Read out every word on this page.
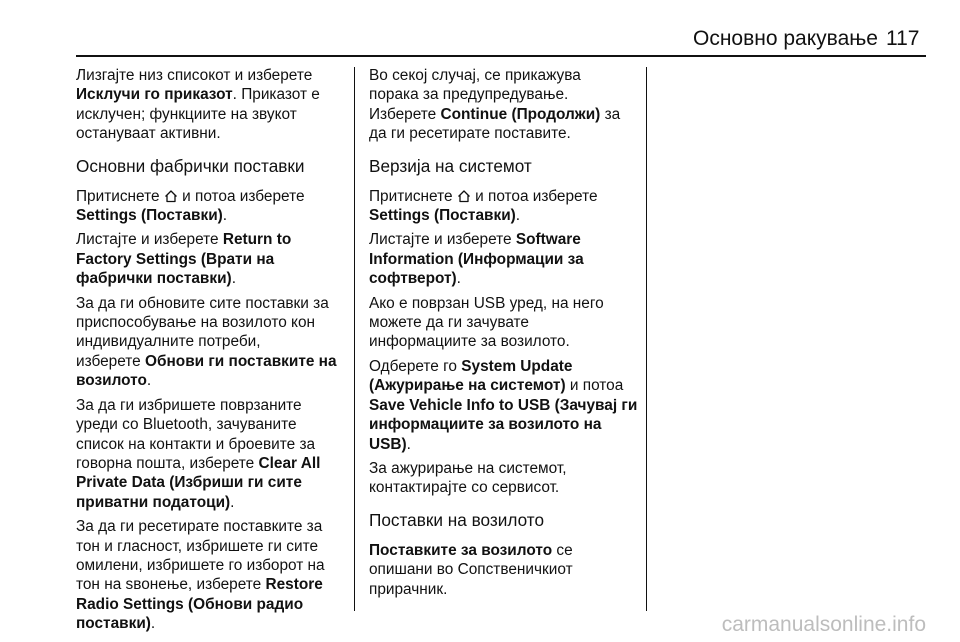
Основно ракување 117

Лизгајте низ списокот и изберете
Исклучи го приказот. Приказот е
исклучен; функциите на звукот
остануваат активни.

Основни фабрички поставки

Притиснете и потоа изберете
Settings (Поставки).

Листајте и изберете Return to
Factory Settings (Врати на
фабрички поставки).

За да ги обновите сите поставки за
приспособување на возилото кон
индивидуалните потреби,
изберете Обнови ги поставките на
возилото.

За да ги избришете поврзаните
уреди со Bluetooth, зачуваните
список на контакти и броевите за
говорна пошта, изберете Clear All
Private Data (Избриши ги сите
приватни податоци).

За да ги ресетирате поставките за
тон и гласност, избришете ги сите
омилени, избришете го изборот на
тон на ѕвонење, изберете Restore
Radio Settings (Обнови радио
поставки).

Во секој случај, се прикажува
порака за предупредување.
Изберете Continue (Продолжи) за
да ги ресетирате поставите.

Верзија на системот

Притиснете и потоа изберете
Settings (Поставки).

Листајте и изберете Software
Information (Информации за
софтверот).

Ако е поврзан USB уред, на него
можете да ги зачувате
информациите за возилото.

Одберете го System Update
(Ажурирање на системот) и потоа
Save Vehicle Info to USB (Зачувај ги
информациите за возилото на
USB).

За ажурирање на системот,
контактирајте со сервисот.

Поставки на возилото

Поставките за возилото се
опишани во Сопственичкиот
прирачник.

carmanualsonline.info
